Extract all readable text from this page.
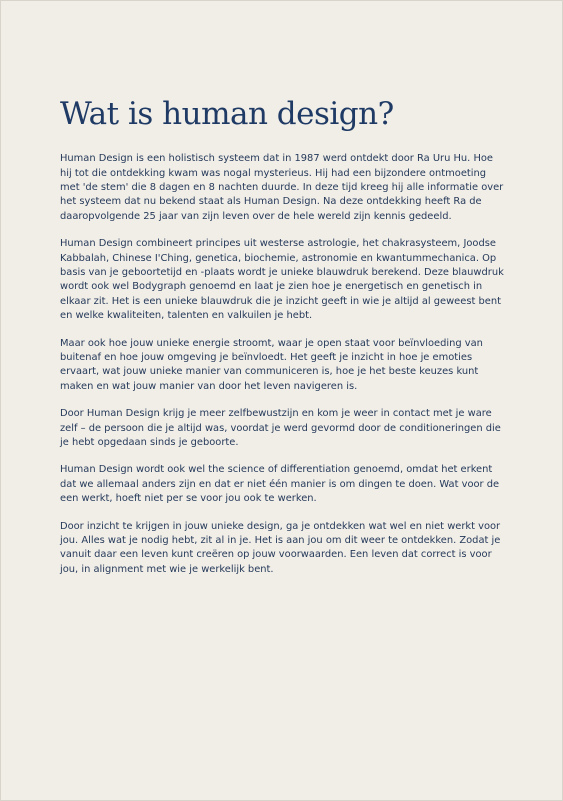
Wat is human design?

Human Design is een holistisch systeem dat in 1987 werd ontdekt door Ra Uru Hu. Hoe hij tot die ontdekking kwam was nogal mysterieus. Hij had een bijzondere ontmoeting met 'de stem' die 8 dagen en 8 nachten duurde. In deze tijd kreeg hij alle informatie over het systeem dat nu bekend staat als Human Design. Na deze ontdekking heeft Ra de daaropvolgende 25 jaar van zijn leven over de hele wereld zijn kennis gedeeld.

Human Design combineert principes uit westerse astrologie, het chakrasysteem, Joodse Kabbalah, Chinese I'Ching, genetica, biochemie, astronomie en kwantummechanica. Op basis van je geboortetijd en -plaats wordt je unieke blauwdruk berekend. Deze blauwdruk wordt ook wel Bodygraph genoemd en laat je zien hoe je energetisch en genetisch in elkaar zit. Het is een unieke blauwdruk die je inzicht geeft in wie je altijd al geweest bent en welke kwaliteiten, talenten en valkuilen je hebt.

Maar ook hoe jouw unieke energie stroomt, waar je open staat voor beïnvloeding van buitenaf en hoe jouw omgeving je beïnvloedt. Het geeft je inzicht in hoe je emoties ervaart, wat jouw unieke manier van communiceren is, hoe je het beste keuzes kunt maken en wat jouw manier van door het leven navigeren is.

Door Human Design krijg je meer zelfbewustzijn en kom je weer in contact met je ware zelf – de persoon die je altijd was, voordat je werd gevormd door de conditioneringen die je hebt opgedaan sinds je geboorte.

Human Design wordt ook wel the science of differentiation genoemd, omdat het erkent dat we allemaal anders zijn en dat er niet één manier is om dingen te doen. Wat voor de een werkt, hoeft niet per se voor jou ook te werken.

Door inzicht te krijgen in jouw unieke design, ga je ontdekken wat wel en niet werkt voor jou. Alles wat je nodig hebt, zit al in je. Het is aan jou om dit weer te ontdekken. Zodat je vanuit daar een leven kunt creëren op jouw voorwaarden. Een leven dat correct is voor jou, in alignment met wie je werkelijk bent.
